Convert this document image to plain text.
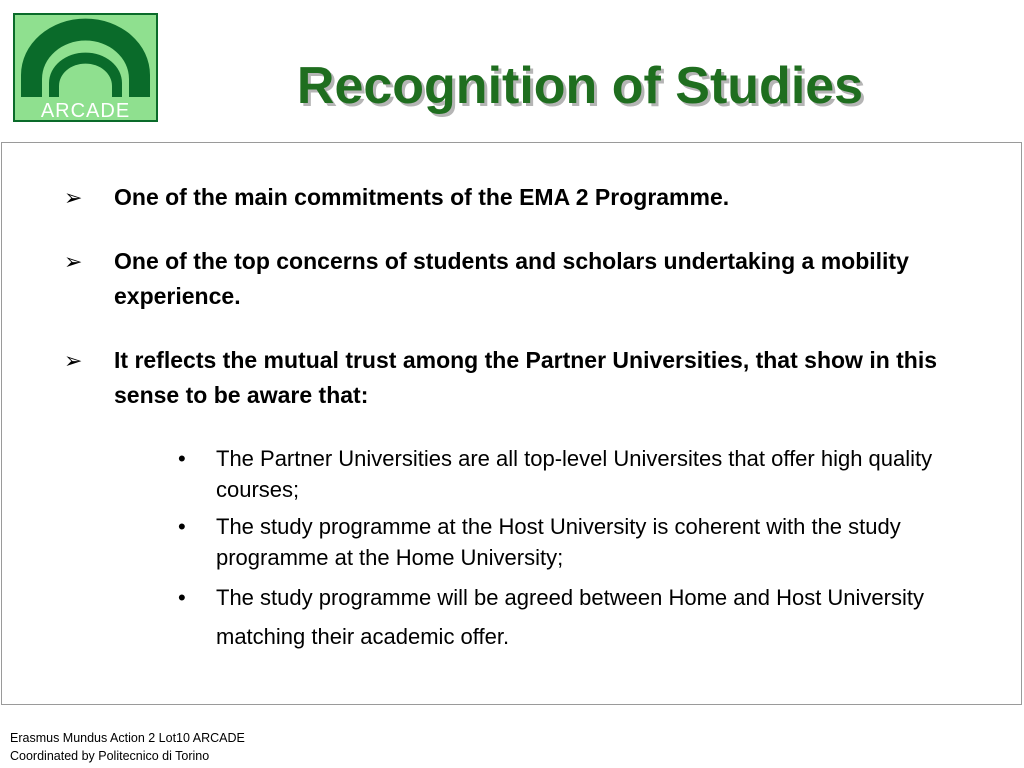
ARCADE	Recognition of Studies
➢ One of the main commitments of the EMA 2 Programme.
➢ One of the top concerns of students and scholars undertaking a mobility experience.
➢ It reflects the mutual trust among the Partner Universities, that show in this sense to be aware that:
• The Partner Universities are all top-level Universites that offer high quality courses;
• The study programme at the Host University is coherent with the study programme at the Home University;
• The study programme will be agreed between Home and Host University matching their academic offer.
Erasmus Mundus Action 2 Lot10 ARCADE
Coordinated by Politecnico di Torino
